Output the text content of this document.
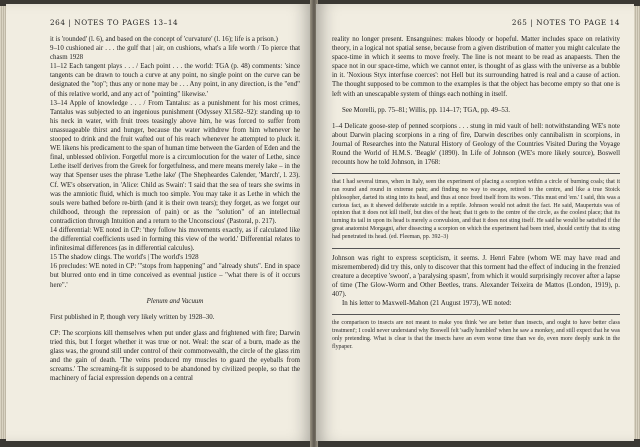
264 | NOTES TO PAGES 13–14

it is 'rounded' (l. 6), and based on the concept of 'curvature' (l. 16); life is a prison.)

9–10 cushioned air . . . the gulf that | air, on cushions, what's a life worth / To pierce that chasm 1928

11–12 Each tangent plays . . . / Each point . . . the world: TGA (p. 48) comments: 'since tangents can be drawn to touch a curve at any point, no single point on the curve can be designated the "top"; thus any or none may be . . . Any point, in any direction, is the "end" of this relative world, and any act of "pointing" likewise.'

13–14 Apple of knowledge . . . / From Tantalus: as a punishment for his most crimes, Tantalus was subjected to an ingenious punishment (Odyssey XI.582–92): standing up to his neck in water, with fruit trees teasingly above him, he was forced to suffer from unassuageable thirst and hunger, because the water withdrew from him whenever he stooped to drink and the fruit wafted out of his reach whenever he attempted to pluck it. WE likens his predicament to the span of human time between the Garden of Eden and the final, unblessed oblivion. Forgetful more is a circumlocution for the water of Lethe, since Lethe itself derives from the Greek for forgetfulness, and mere means merely lake – in the way that Spenser uses the phrase 'Lethe lake' (The Shepheardes Calender, 'March', l. 23). Cf. WE's observation, in 'Alice: Child as Swain': 'I said that the sea of tears she swims in was the amniotic fluid, which is much too simple. You may take it as Lethe in which the souls were bathed before re-birth (and it is their own tears); they forget, as we forget our childhood, through the repression of pain) or as the "solution" of an intellectual contradiction through Intuition and a return to the Unconscious' (Pastoral, p. 217).

14 differential: WE noted in CP: 'they follow his movements exactly, as if calculated like the differential coefficients used in forming this view of the world.' Differential relates to infinitesimal differences (as in differential calculus).

15 The shadow clings. The world's | The world's 1928

16 precludes: WE noted in CP: '"stops from happening" and "already shuts". End in space but blurred onto end in time conceived as eventual justice – "what there is of it occurs here".'

Plenum and Vacuum

First published in P, though very likely written by 1928–30.

CP: The scorpions kill themselves when put under glass and frightened with fire; Darwin tried this, but I forget whether it was true or not. Weal: the scar of a burn, made as the glass was, the ground still under control of their commonwealth, the circle of the glass rim and the gain of death. 'The veins produced my muscles to guard the eyeballs from screams.' The screaming-fit is supposed to be abandoned by civilized people, so that the machinery of facial expression depends on a central

265 | NOTES TO PAGE 14

reality no longer present. Ensanguines: makes bloody or hopeful. Matter includes space on relativity theory, in a logical not spatial sense, because from a given distribution of matter you might calculate the space-time in which it seems to move freely. The line is not meant to be read as anapaests. Then the space not in our space-time, which we cannot enter, is thought of as glass with the universe as a bubble in it. 'Noxious Styx interfuse coerces': not Hell but its surrounding hatred is real and a cause of action. The thought supposed to be common to the examples is that the object has become empty so that one is left with an unescapable system of things each nothing in itself.

See Morelli, pp. 75–81; Willis, pp. 114–17; TGA, pp. 49–53.

1–4 Delicate goose-step of penned scorpions . . . stung in mid vault of hell: notwithstanding WE's note about Darwin placing scorpions in a ring of fire, Darwin describes only cannibalism in scorpions, in Journal of Researches into the Natural History of Geology of the Countries Visited During the Voyage Round the World of H.M.S. 'Beagle' (1890). In Life of Johnson (WE's more likely source), Boswell recounts how he told Johnson, in 1768:

that I had several times, when in Italy, seen the experiment of placing a scorpion within a circle of burning coals; that it ran round and round in extreme pain; and finding no way to escape, retired to the centre, and like a true Stoick philosopher, darted its sting into its head, and thus at once freed itself from its woes. 'This must end 'em.' I said, this was a curious fact, as it shewed deliberate suicide in a reptile. Johnson would not admit the fact. He said, Maupertuis was of opinion that it does not kill itself, but dies of the heat; that it gets to the centre of the circle, as the coolest place; that its turning its tail in upon its head is merely a convulsion, and that it does not sting itself. He said he would be satisfied if the great anatomist Morgagni, after dissecting a scorpion on which the experiment had been tried, should certify that its sting had penetrated its head. (ed. Fleeman, pp. 392–3)

Johnson was right to express scepticism, it seems. J. Henri Fabre (whom WE may have read and misremembered) did try this, only to discover that this torment had the effect of inducing in the frenzied creature a deceptive 'swoon', a 'paralysing spasm', from which it would surprisingly recover after a lapse of time (The Glow-Worm and Other Beetles, trans. Alexander Teixeira de Mattos (London, 1919), p. 407).

In his letter to Maxwell-Mahon (21 August 1973), WE noted:

the comparison to insects are not meant to make you think 'we are better than insects, and ought to have better class treatment'; I could never understand why Boswell felt 'sadly humbled' when he saw a monkey, and still expect that he was only pretending. What is clear is that the insects have an even worse time than we do, even more deeply sunk in the flypaper.
